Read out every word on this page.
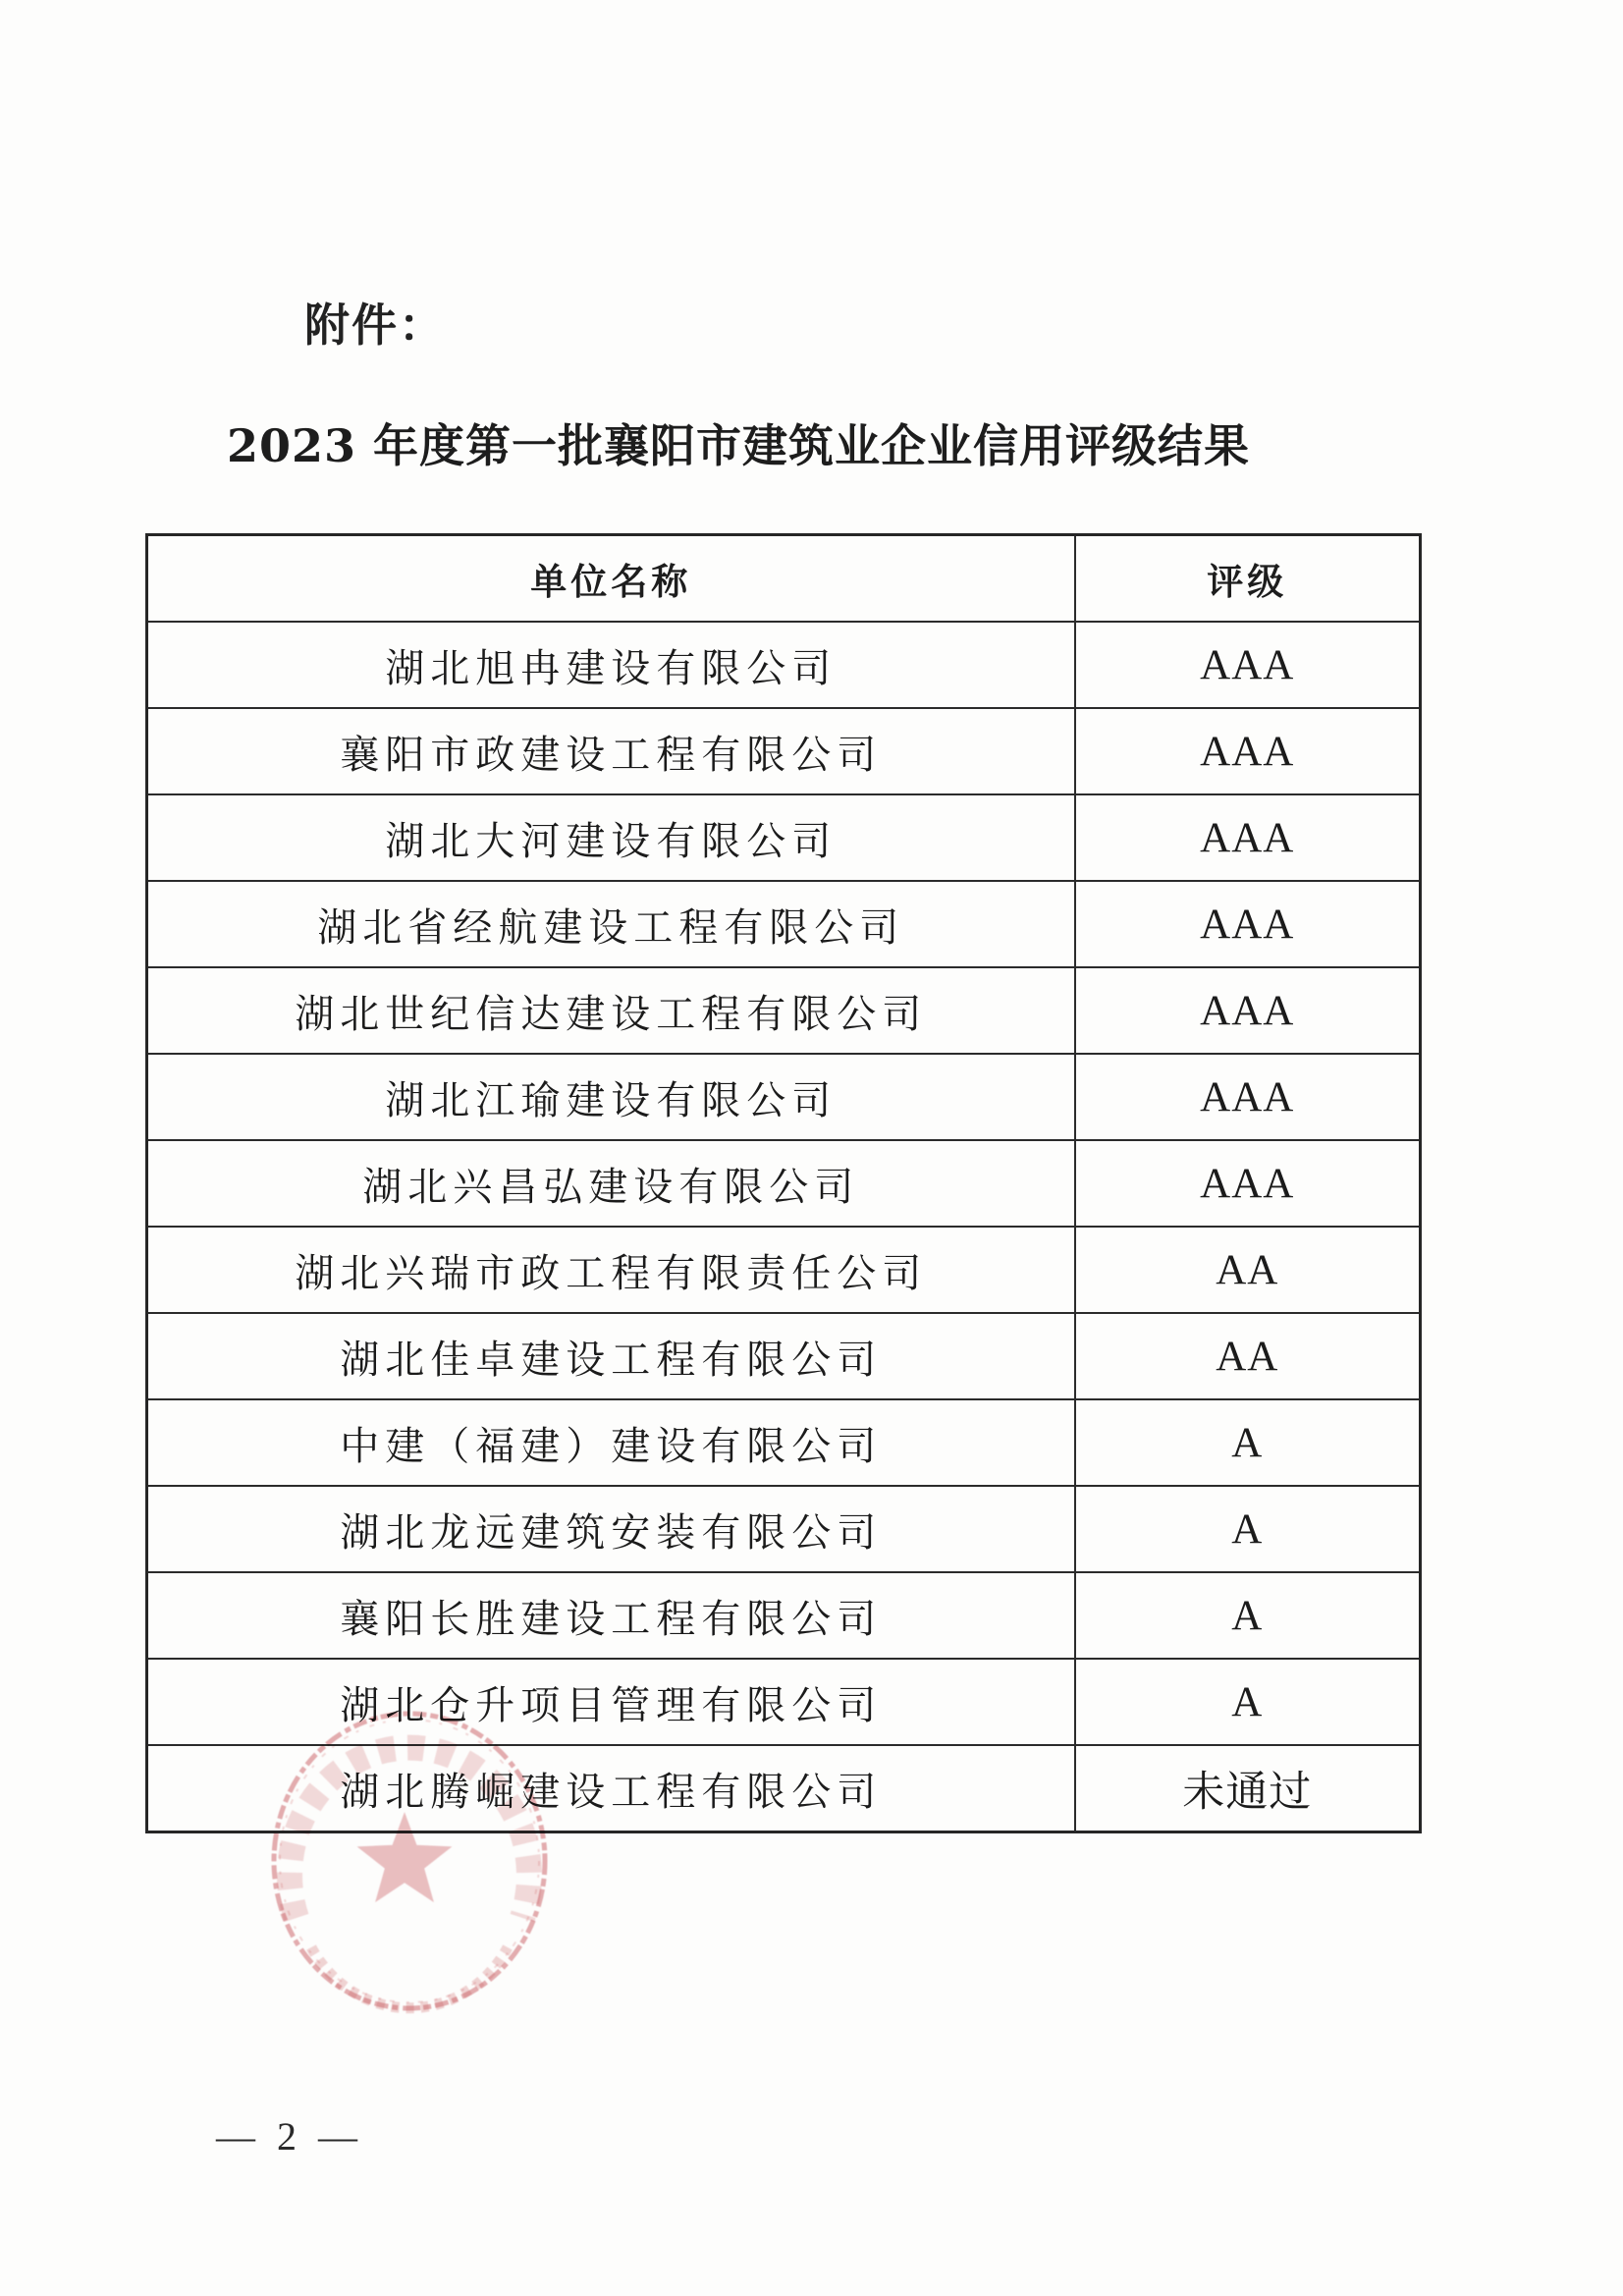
附件：
2023 年度第一批襄阳市建筑业企业信用评级结果
单位名称	评级
湖北旭冉建设有限公司	AAA
襄阳市政建设工程有限公司	AAA
湖北大河建设有限公司	AAA
湖北省经航建设工程有限公司	AAA
湖北世纪信达建设工程有限公司	AAA
湖北江瑜建设有限公司	AAA
湖北兴昌弘建设有限公司	AAA
湖北兴瑞市政工程有限责任公司	AA
湖北佳卓建设工程有限公司	AA
中建（福建）建设有限公司	A
湖北龙远建筑安装有限公司	A
襄阳长胜建设工程有限公司	A
湖北仓升项目管理有限公司	A
湖北腾崛建设工程有限公司	未通过
— 2 —
